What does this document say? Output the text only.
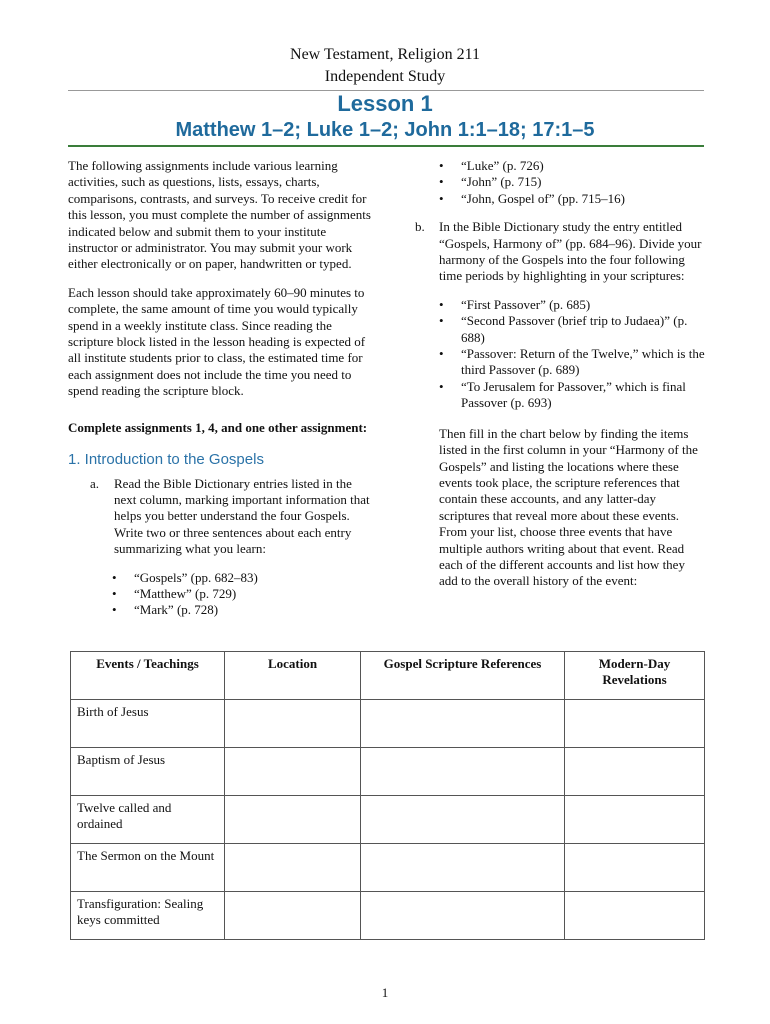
New Testament, Religion 211
Independent Study
Lesson 1
Matthew 1–2; Luke 1–2; John 1:1–18; 17:1–5

The following assignments include various learning activities, such as questions, lists, essays, charts, comparisons, contrasts, and surveys. To receive credit for this lesson, you must complete the number of assignments indicated below and submit them to your institute instructor or administrator. You may submit your work either electronically or on paper, handwritten or typed.

Each lesson should take approximately 60–90 minutes to complete, the same amount of time you would typically spend in a weekly institute class. Since reading the scripture block listed in the lesson heading is expected of all institute students prior to class, the estimated time for each assignment does not include the time you need to spend reading the scripture block.

Complete assignments 1, 4, and one other assignment:

1. Introduction to the Gospels

a.	Read the Bible Dictionary entries listed in the next column, marking important information that helps you better understand the four Gospels. Write two or three sentences about each entry summarizing what you learn:
•	“Gospels” (pp. 682–83)
•	“Matthew” (p. 729)
•	“Mark” (p. 728)
•	“Luke” (p. 726)
•	“John” (p. 715)
•	“John, Gospel of” (pp. 715–16)
b.	In the Bible Dictionary study the entry entitled “Gospels, Harmony of” (pp. 684–96). Divide your harmony of the Gospels into the four following time periods by highlighting in your scriptures:
•	“First Passover” (p. 685)
•	“Second Passover (brief trip to Judaea)” (p. 688)
•	“Passover: Return of the Twelve,” which is the third Passover (p. 689)
•	“To Jerusalem for Passover,” which is final Passover (p. 693)

Then fill in the chart below by finding the items listed in the first column in your “Harmony of the Gospels” and listing the locations where these events took place, the scripture references that contain these accounts, and any latter-day scriptures that reveal more about these events. From your list, choose three events that have multiple authors writing about that event. Read each of the different accounts and list how they add to the overall history of the event:

Events / Teachings	Location	Gospel Scripture References	Modern-Day Revelations
Birth of Jesus			
Baptism of Jesus			
Twelve called and ordained			
The Sermon on the Mount			
Transfiguration: Sealing keys committed			
1
